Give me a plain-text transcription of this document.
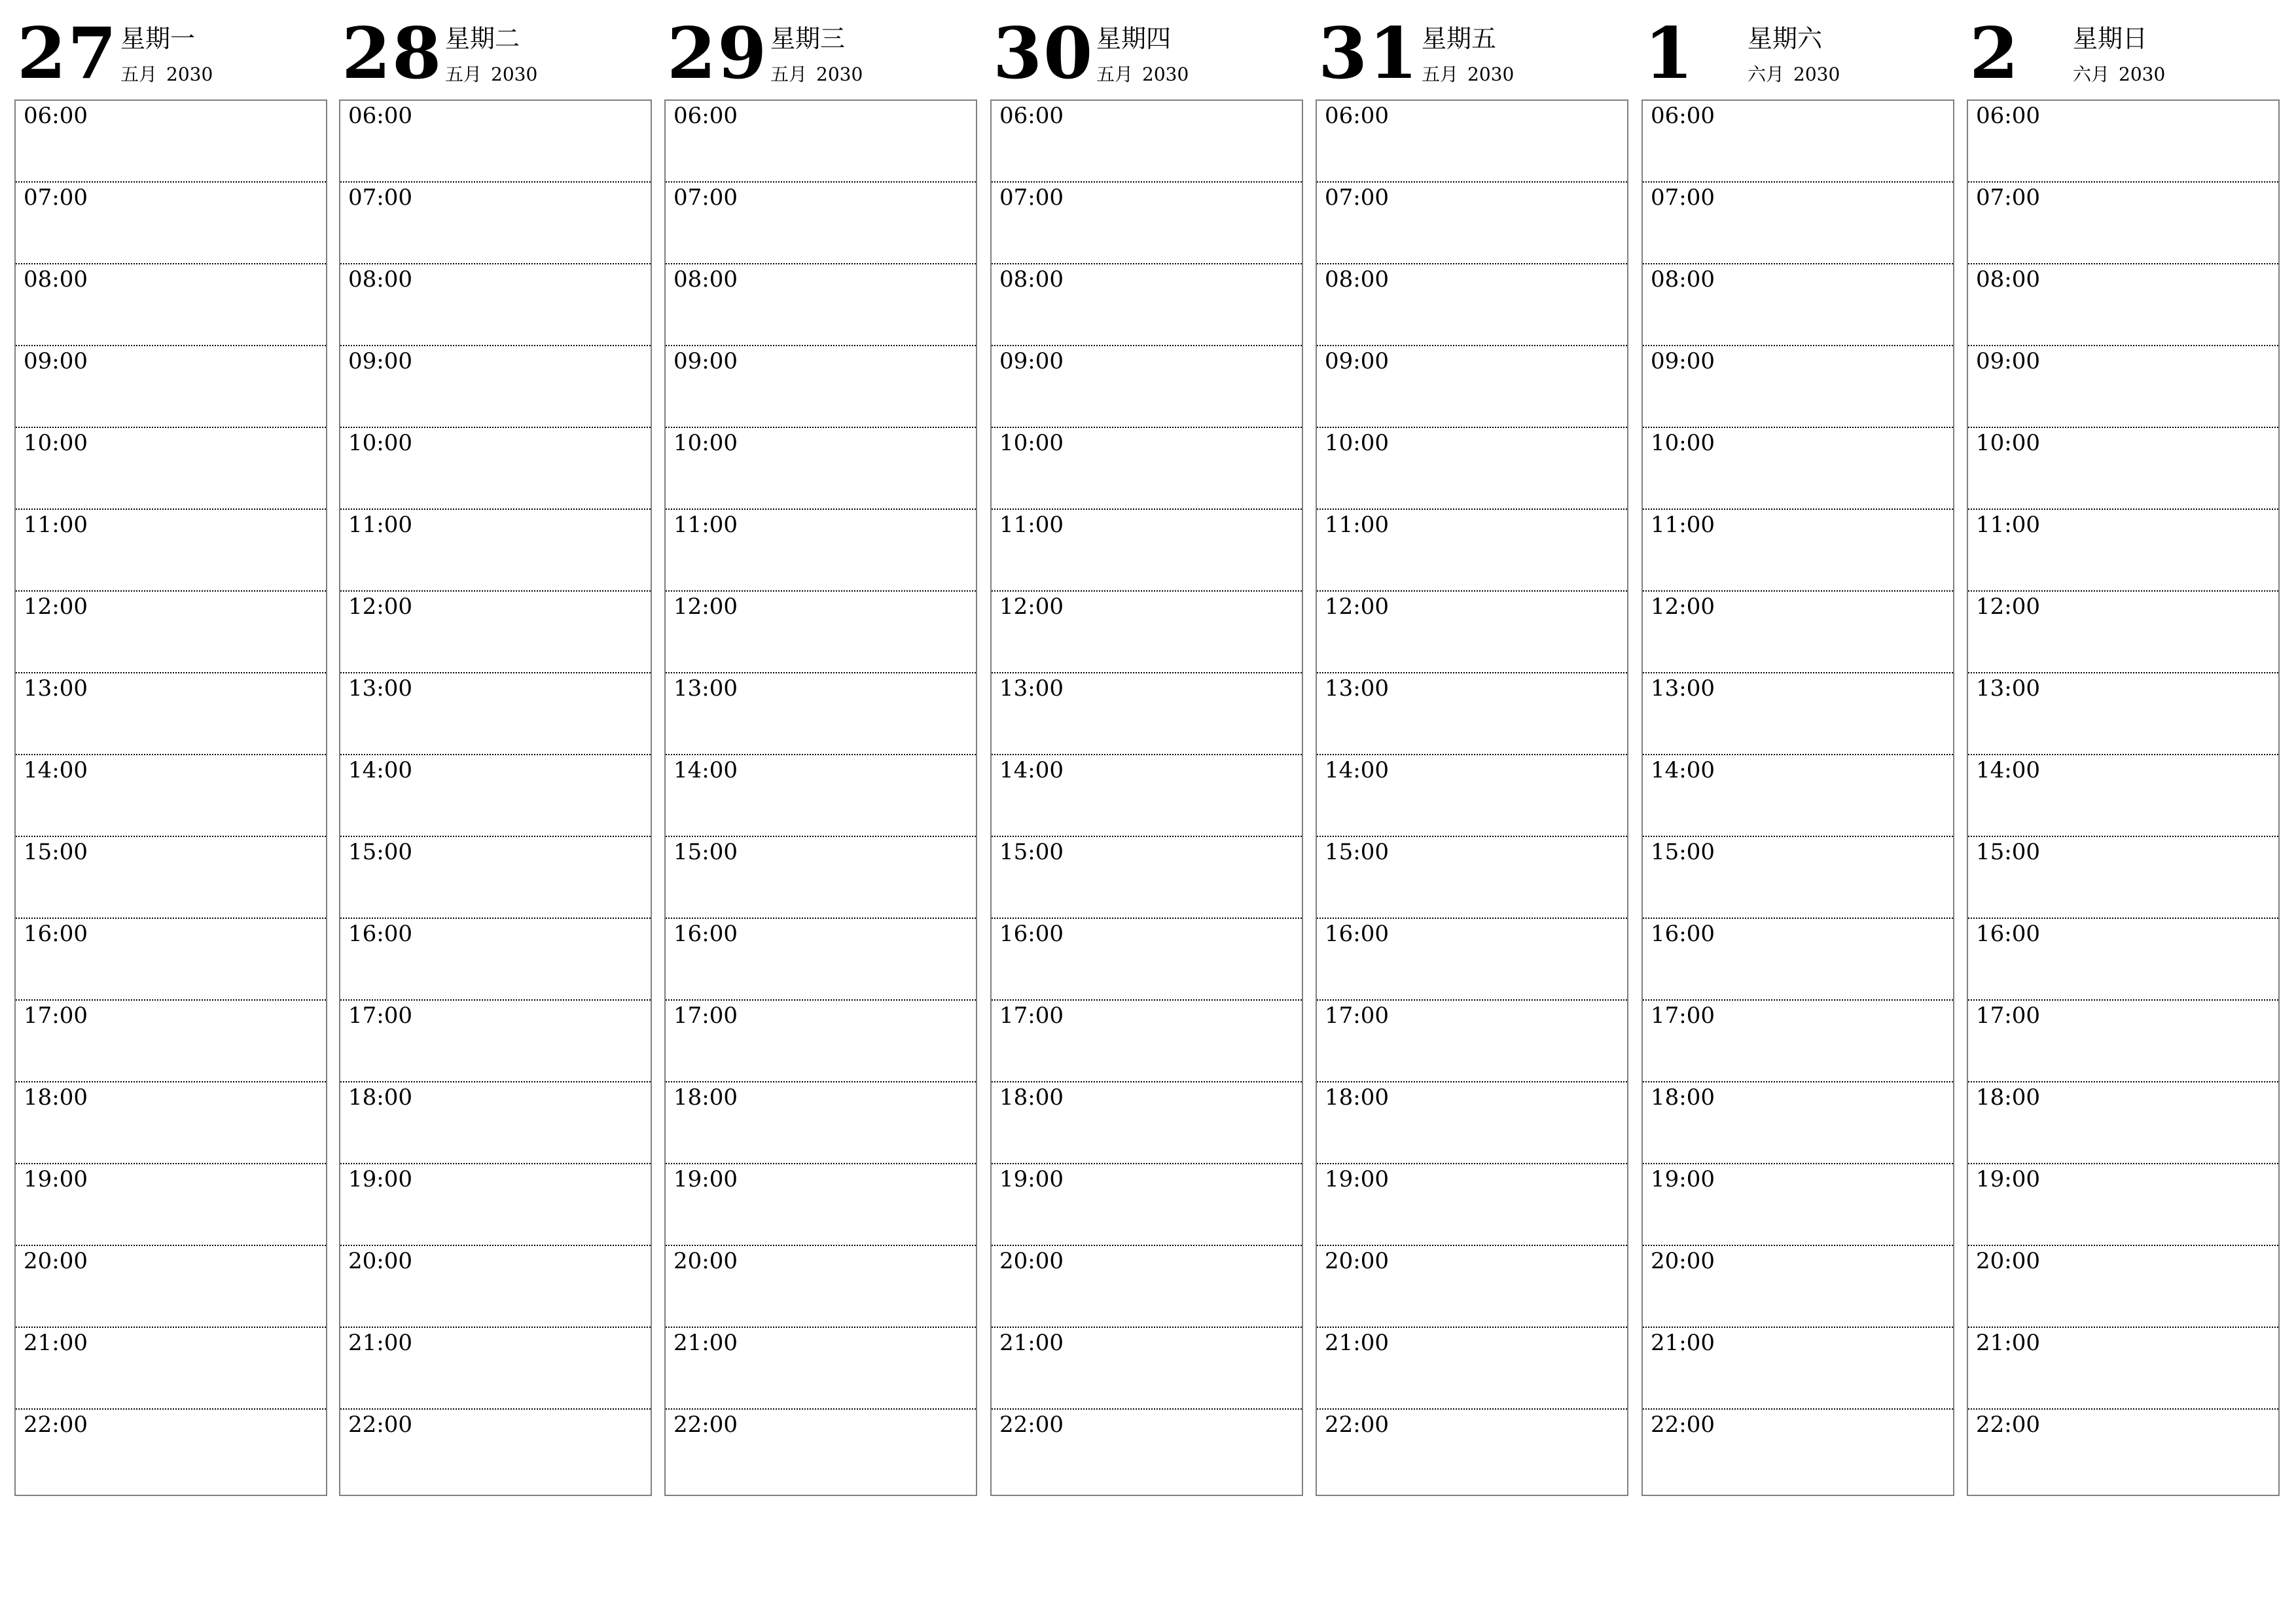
27 星期一
五月 2030
06:00
07:00
08:00
09:00
10:00
11:00
12:00
13:00
14:00
15:00
16:00
17:00
18:00
19:00
20:00
21:00
22:00
28 星期二
五月 2030
06:00
07:00
08:00
09:00
10:00
11:00
12:00
13:00
14:00
15:00
16:00
17:00
18:00
19:00
20:00
21:00
22:00
29 星期三
五月 2030
06:00
07:00
08:00
09:00
10:00
11:00
12:00
13:00
14:00
15:00
16:00
17:00
18:00
19:00
20:00
21:00
22:00
30 星期四
五月 2030
06:00
07:00
08:00
09:00
10:00
11:00
12:00
13:00
14:00
15:00
16:00
17:00
18:00
19:00
20:00
21:00
22:00
31 星期五
五月 2030
06:00
07:00
08:00
09:00
10:00
11:00
12:00
13:00
14:00
15:00
16:00
17:00
18:00
19:00
20:00
21:00
22:00
1 星期六
六月 2030
06:00
07:00
08:00
09:00
10:00
11:00
12:00
13:00
14:00
15:00
16:00
17:00
18:00
19:00
20:00
21:00
22:00
2 星期日
六月 2030
06:00
07:00
08:00
09:00
10:00
11:00
12:00
13:00
14:00
15:00
16:00
17:00
18:00
19:00
20:00
21:00
22:00
